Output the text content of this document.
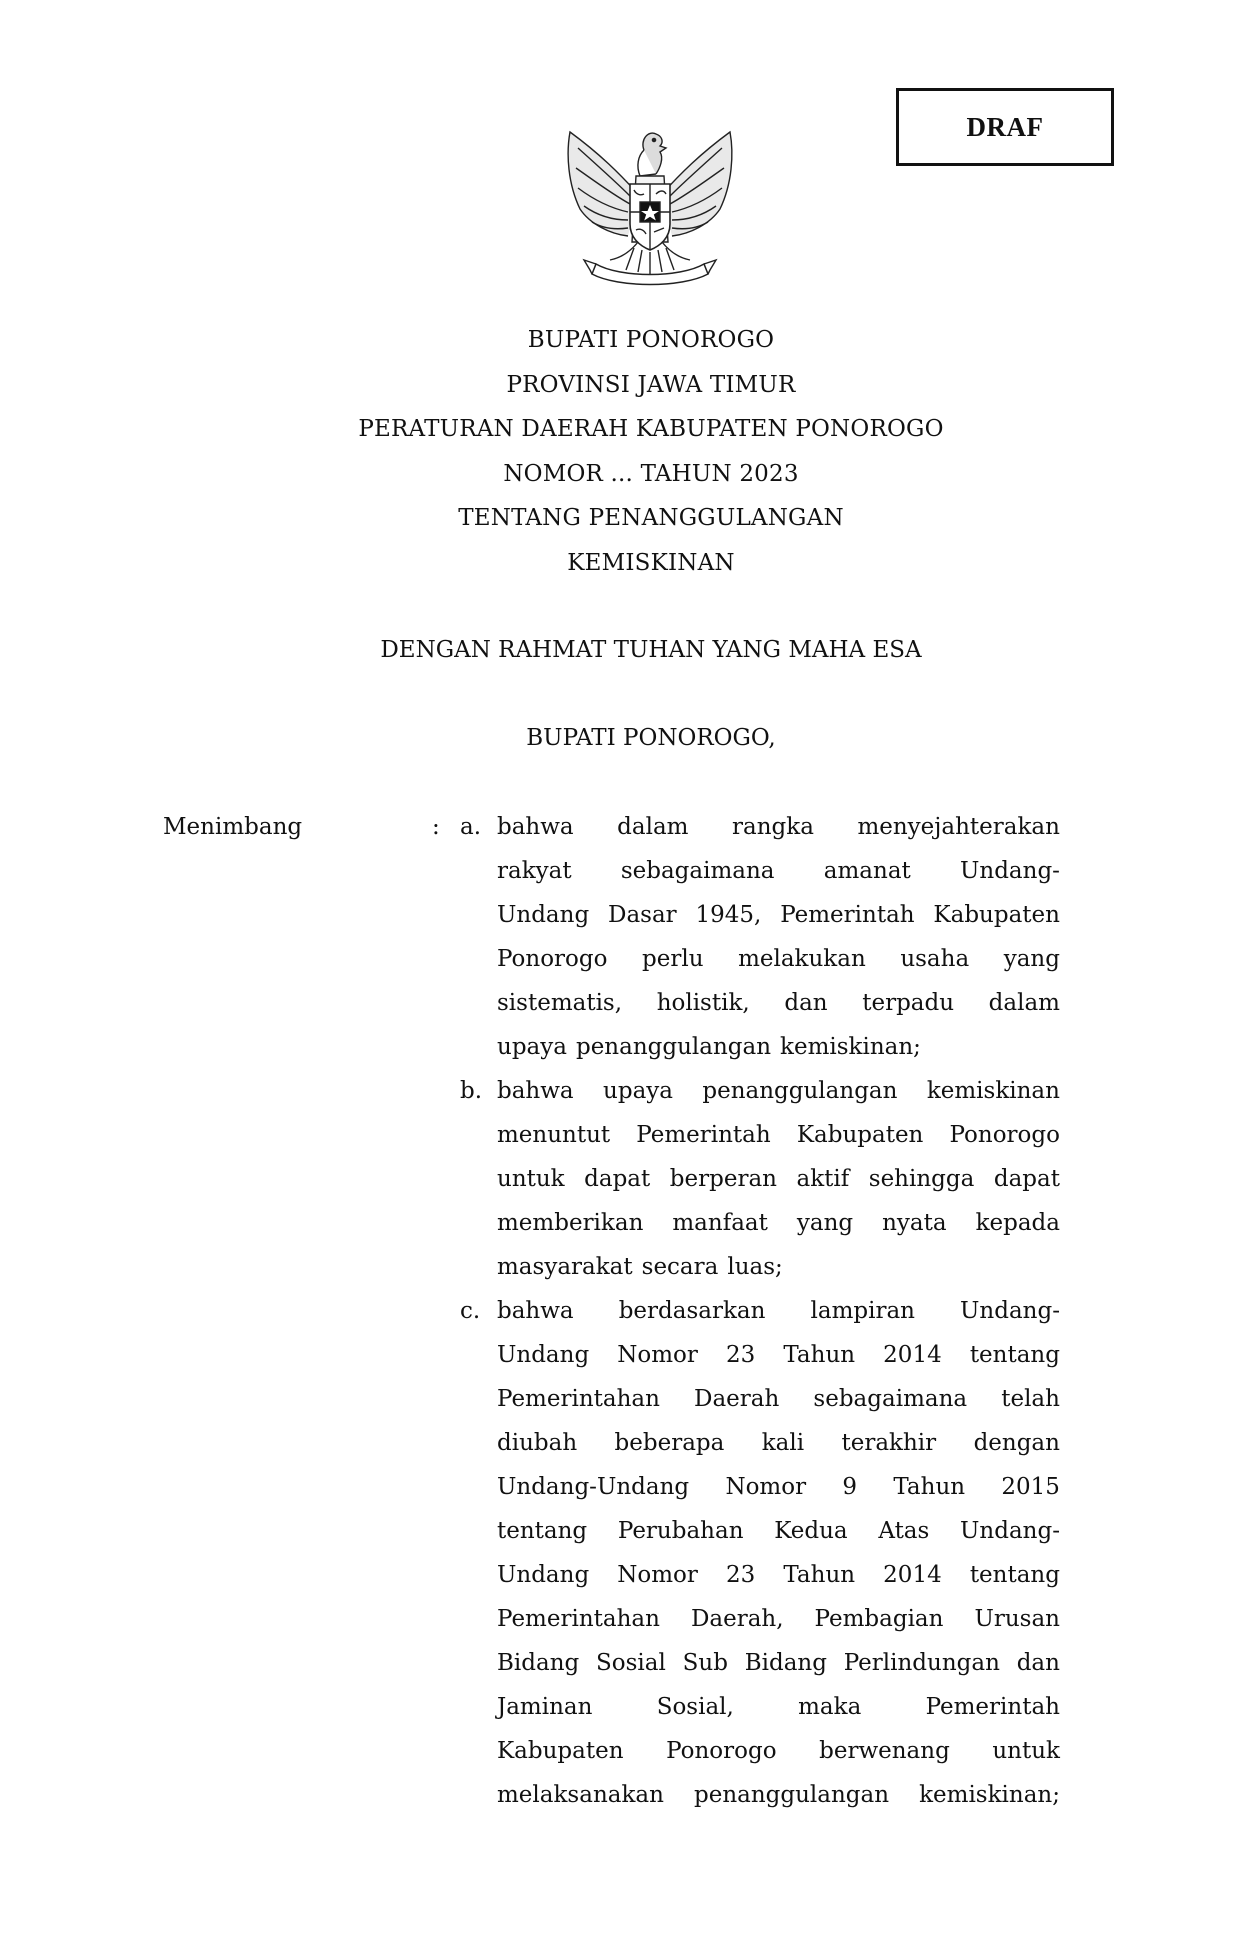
DRAF
BUPATI PONOROGO
PROVINSI JAWA TIMUR
PERATURAN DAERAH KABUPATEN PONOROGO
NOMOR ... TAHUN 2023
TENTANG PENANGGULANGAN
KEMISKINAN
DENGAN RAHMAT TUHAN YANG MAHA ESA
BUPATI PONOROGO,
Menimbang	: a. bahwa dalam rangka menyejahterakan

rakyat sebagaimana amanat Undang-

Undang Dasar 1945, Pemerintah Kabupaten

Ponorogo perlu melakukan usaha yang

sistematis, holistik, dan terpadu dalam

upaya penanggulangan kemiskinan;

b. bahwa upaya penanggulangan kemiskinan

menuntut Pemerintah Kabupaten Ponorogo

untuk dapat berperan aktif sehingga dapat

memberikan manfaat yang nyata kepada

masyarakat secara luas;

c. bahwa berdasarkan lampiran Undang-

Undang Nomor 23 Tahun 2014 tentang

Pemerintahan Daerah sebagaimana telah

diubah beberapa kali terakhir dengan

Undang-Undang Nomor 9 Tahun 2015

tentang Perubahan Kedua Atas Undang-

Undang Nomor 23 Tahun 2014 tentang

Pemerintahan Daerah, Pembagian Urusan

Bidang Sosial Sub Bidang Perlindungan dan

Jaminan	Sosial,	maka	Pemerintah

Kabupaten Ponorogo berwenang untuk

melaksanakan penanggulangan kemiskinan;
